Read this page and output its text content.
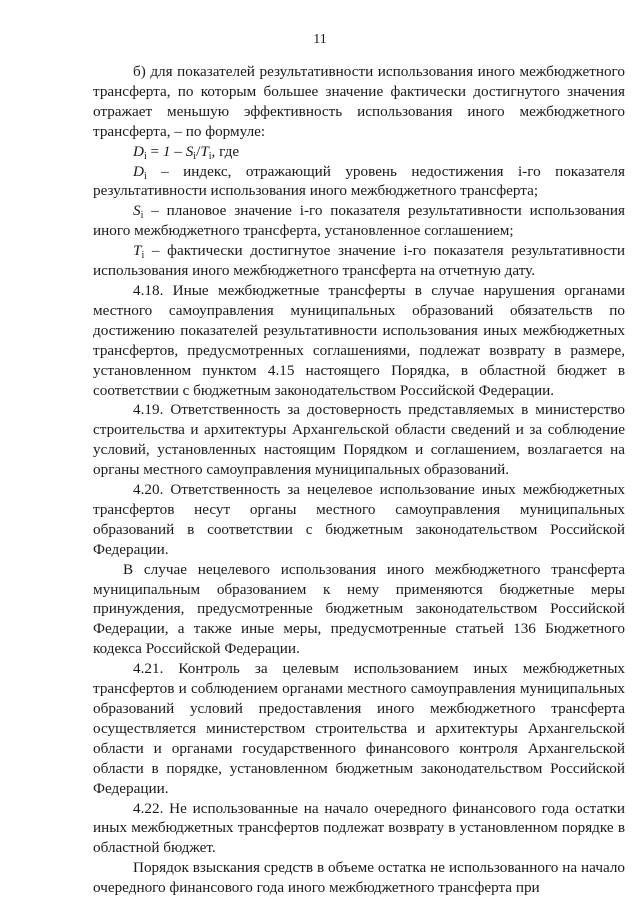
11

б) для показателей результативности использования иного межбюджетного трансферта, по которым большее значение фактически достигнутого значения отражает меньшую эффективность использования иного межбюджетного трансферта, – по формуле:

$D_i = 1 - S_i/T_i$, где

$D_i$ – индекс, отражающий уровень недостижения i-го показателя результативности использования иного межбюджетного трансферта;

$S_i$ – плановое значение i-го показателя результативности использования иного межбюджетного трансферта, установленное соглашением;

$T_i$ – фактически достигнутое значение i-го показателя результативности использования иного межбюджетного трансферта на отчетную дату.

4.18. Иные межбюджетные трансферты в случае нарушения органами местного самоуправления муниципальных образований обязательств по достижению показателей результативности использования иных межбюджетных трансфертов, предусмотренных соглашениями, подлежат возврату в размере, установленном пунктом 4.15 настоящего Порядка, в областной бюджет в соответствии с бюджетным законодательством Российской Федерации.

4.19. Ответственность за достоверность представляемых в министерство строительства и архитектуры Архангельской области сведений и за соблюдение условий, установленных настоящим Порядком и соглашением, возлагается на органы местного самоуправления муниципальных образований.

4.20. Ответственность за нецелевое использование иных межбюджетных трансфертов несут органы местного самоуправления муниципальных образований в соответствии с бюджетным законодательством Российской Федерации.

В случае нецелевого использования иного межбюджетного трансферта муниципальным образованием к нему применяются бюджетные меры принуждения, предусмотренные бюджетным законодательством Российской Федерации, а также иные меры, предусмотренные статьей 136 Бюджетного кодекса Российской Федерации.

4.21. Контроль за целевым использованием иных межбюджетных трансфертов и соблюдением органами местного самоуправления муниципальных образований условий предоставления иного межбюджетного трансферта осуществляется министерством строительства и архитектуры Архангельской области и органами государственного финансового контроля Архангельской области в порядке, установленном бюджетным законодательством Российской Федерации.

4.22. Не использованные на начало очередного финансового года остатки иных межбюджетных трансфертов подлежат возврату в установленном порядке в областной бюджет.

Порядок взыскания средств в объеме остатка не использованного на начало очередного финансового года иного межбюджетного трансферта при
